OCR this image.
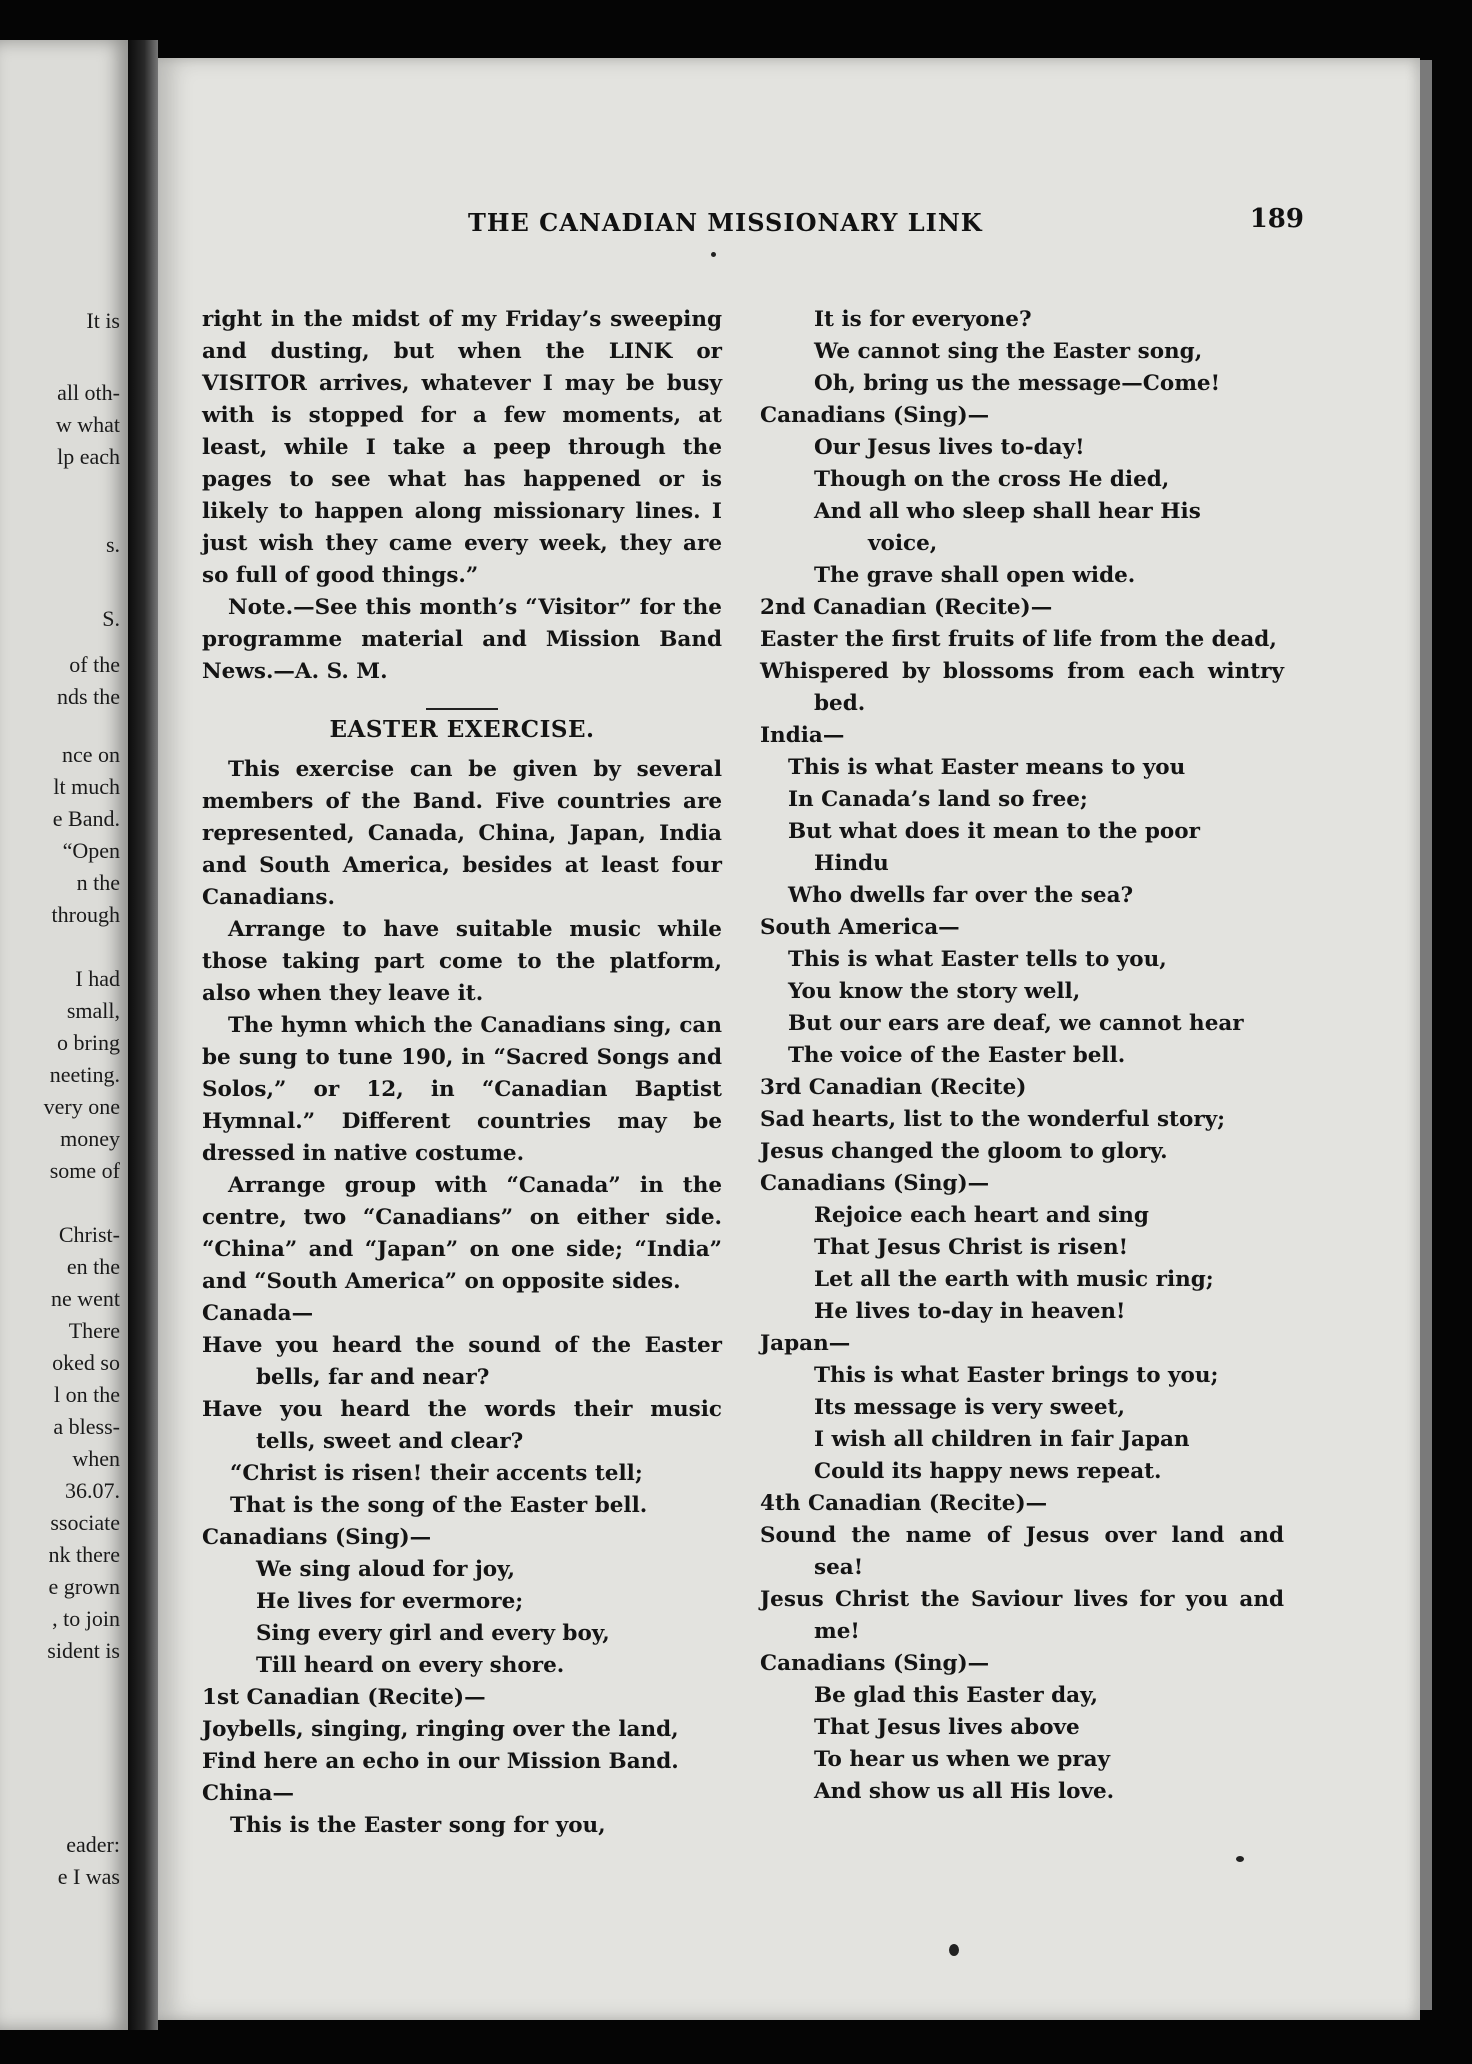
It is
all oth-
w what
lp each
s.
S.
of the
nds the
nce on
lt much
e Band.
“Open
n the
through
I had
small,
o bring
neeting.
very one
money
some of
Christ-
en the
ne went
There
oked so
l on the
a bless-
when
36.07.
ssociate
nk there
e grown
, to join
sident is
eader:
e I was
THE CANADIAN MISSIONARY LINK	189

right in the midst of my Friday’s sweeping and dusting, but when the LINK or VISITOR arrives, whatever I may be busy with is stopped for a few moments, at least, while I take a peep through the pages to see what has happened or is likely to happen along missionary lines. I just wish they came every week, they are so full of good things.”

Note.—See this month’s “Visitor” for the programme material and Mission Band News.—A. S. M.

EASTER EXERCISE.

This exercise can be given by several members of the Band. Five countries are represented, Canada, China, Japan, India and South America, besides at least four Canadians.

Arrange to have suitable music while those taking part come to the platform, also when they leave it.

The hymn which the Canadians sing, can be sung to tune 190, in “Sacred Songs and Solos,” or 12, in “Canadian Baptist Hymnal.” Different countries may be dressed in native costume.

Arrange group with “Canada” in the centre, two “Canadians” on either side. “China” and “Japan” on one side; “India” and “South America” on opposite sides.

Canada—

Have you heard the sound of the Easter bells, far and near?

Have you heard the words their music tells, sweet and clear?

“Christ is risen! their accents tell;

That is the song of the Easter bell.

Canadians (Sing)—

We sing aloud for joy,

He lives for evermore;

Sing every girl and every boy,

Till heard on every shore.

1st Canadian (Recite)—

Joybells, singing, ringing over the land,

Find here an echo in our Mission Band.

China—

This is the Easter song for you,

It is for everyone?

We cannot sing the Easter song,

Oh, bring us the message—Come!

Canadians (Sing)—

Our Jesus lives to-day!

Though on the cross He died,

And all who sleep shall hear His

voice,

The grave shall open wide.

2nd Canadian (Recite)—

Easter the first fruits of life from the dead,

Whispered by blossoms from each wintry bed.

India—

This is what Easter means to you

In Canada’s land so free;

But what does it mean to the poor

Hindu

Who dwells far over the sea?

South America—

This is what Easter tells to you,

You know the story well,

But our ears are deaf, we cannot hear

The voice of the Easter bell.

3rd Canadian (Recite)

Sad hearts, list to the wonderful story;

Jesus changed the gloom to glory.

Canadians (Sing)—

Rejoice each heart and sing

That Jesus Christ is risen!

Let all the earth with music ring;

He lives to-day in heaven!

Japan—

This is what Easter brings to you;

Its message is very sweet,

I wish all children in fair Japan

Could its happy news repeat.

4th Canadian (Recite)—

Sound the name of Jesus over land and sea!

Jesus Christ the Saviour lives for you and me!

Canadians (Sing)—

Be glad this Easter day,

That Jesus lives above

To hear us when we pray

And show us all His love.
